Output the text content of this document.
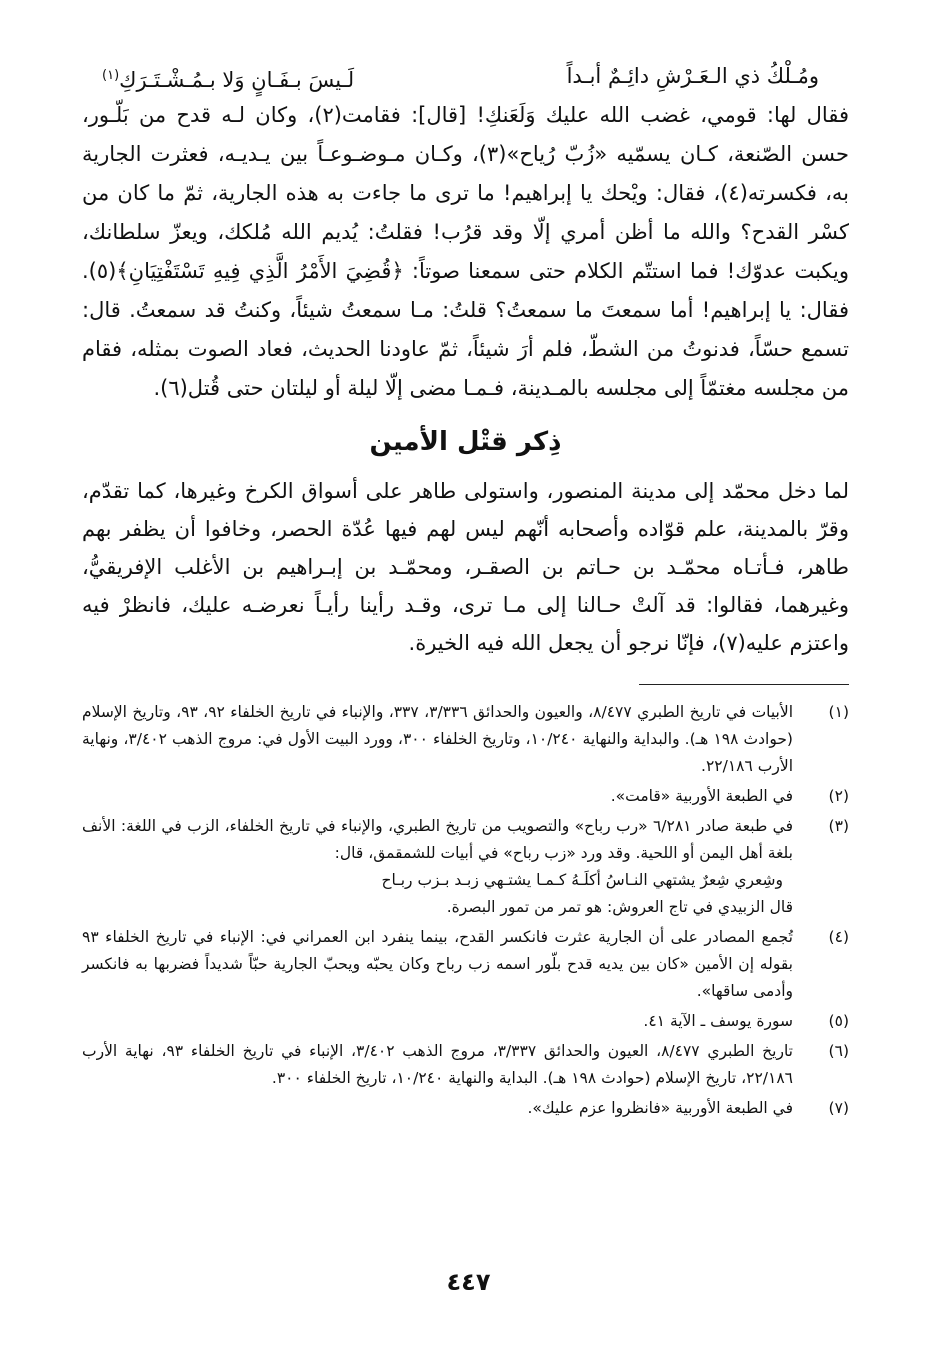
ومُـلْكُ ذي الـعَـرْشِ دائِـمٌ أبـداً
لَـيسَ بـفَـانٍ وَلا بـمُـشْـتَـرَكِ$^{(١)}$

فقال لها: قومي، غضب الله عليك وَلَعَنكِ! [قال]: فقامت(٢)، وكان لـه قدح من بَلّـور، حسن الصّنعة، كـان يسمّيه «زُبّ رُياح»(٣)، وكـان مـوضـوعـاً بين يـديـه، فعثرت الجارية به، فكسرته(٤)، فقال: ويْحك يا إبراهيم! ما ترى ما جاءت به هذه الجارية، ثمّ ما كان من كسْر القدح؟ والله ما أظن أمري إلّا وقد قرُب! فقلتُ: يُديم الله مُلكك، ويعزّ سلطانك، ويكبت عدوّك! فما استتّم الكلام حتى سمعنا صوتاً: ﴿قُضِيَ الأَمْرُ الَّذِي فِيهِ تَسْتَفْتِيَانِ﴾(٥). فقال: يا إبراهيم! أما سمعتَ ما سمعتُ؟ قلتُ: مـا سمعتُ شيئاً، وكنتُ قد سمعتُ. قال: تسمع حسّاً، فدنوتُ من الشطّ، فلم أرَ شيئاً، ثمّ عاودنا الحديث، فعاد الصوت بمثله، فقام من مجلسه مغتمّاً إلى مجلسه بالمـدينة، فـمـا مضى إلّا ليلة أو ليلتان حتى قُتل(٦).

ذِكر قتْل الأمين

لما دخل محمّد إلى مدينة المنصور، واستولى طاهر على أسواق الكرخ وغيرها، كما تقدّم، وقرّ بالمدينة، علم قوّاده وأصحابه أنّهم ليس لهم فيها عُدّة الحصر، وخافوا أن يظفر بهم طاهر، فـأتـاه محمّـد بن حـاتم بن الصقـر، ومحمّـد بن إبـراهيم بن الأغلب الإفريقيُّ، وغيرهما، فقالوا: قد آلتْ حـالنا إلى مـا ترى، وقـد رأينا رأيـاً نعرضـه عليك، فانظرْ فيه واعتزم عليه(٧)، فإنّا نرجو أن يجعل الله فيه الخيرة.

(١)
الأبيات في تاريخ الطبري ٨/٤٧٧، والعيون والحدائق ٣/٣٣٦، ٣٣٧، والإنباء في تاريخ الخلفاء ٩٢، ٩٣، وتاريخ الإسلام (حوادث ١٩٨ هـ). والبداية والنهاية ١٠/٢٤٠، وتاريخ الخلفاء ٣٠٠، وورد البيت الأول في: مروج الذهب ٣/٤٠٢، ونهاية الأرب ٢٢/١٨٦.
(٢)
في الطبعة الأوربية «قامت».
(٣)
في طبعة صادر ٦/٢٨١ «رب رباح» والتصويب من تاريخ الطبري، والإنباء في تاريخ الخلفاء، الزب في اللغة: الأنف بلغة أهل اليمن أو اللحية. وقد ورد «زب رباح» في أبيات للشمقمق، قال:
وشِعري شِعرٌ يشتهي النـاسُ أكلَـهُ كـمـا يشتـهي زبـد بـزب ربـاح
قال الزبيدي في تاج العروش: هو تمر من تمور البصرة.
(٤)
تُجمع المصادر على أن الجارية عثرت فانكسر القدح، بينما ينفرد ابن العمراني في: الإنباء في تاريخ الخلفاء ٩٣ بقوله إن الأمين «كان بين يديه قدح بلّور اسمه زب رباح وكان يحبّه ويحبّ الجارية حبّاً شديداً فضربها به فانكسر وأدمى ساقها».
(٥)
سورة يوسف ـ الآية ٤١.
(٦)
تاريخ الطبري ٨/٤٧٧، العيون والحدائق ٣/٣٣٧، مروج الذهب ٣/٤٠٢، الإنباء في تاريخ الخلفاء ٩٣، نهاية الأرب ٢٢/١٨٦، تاريخ الإسلام (حوادث ١٩٨ هـ). البداية والنهاية ١٠/٢٤٠، تاريخ الخلفاء ٣٠٠.
(٧)
في الطبعة الأوربية «فانظروا عزم عليك».
٤٤٧
